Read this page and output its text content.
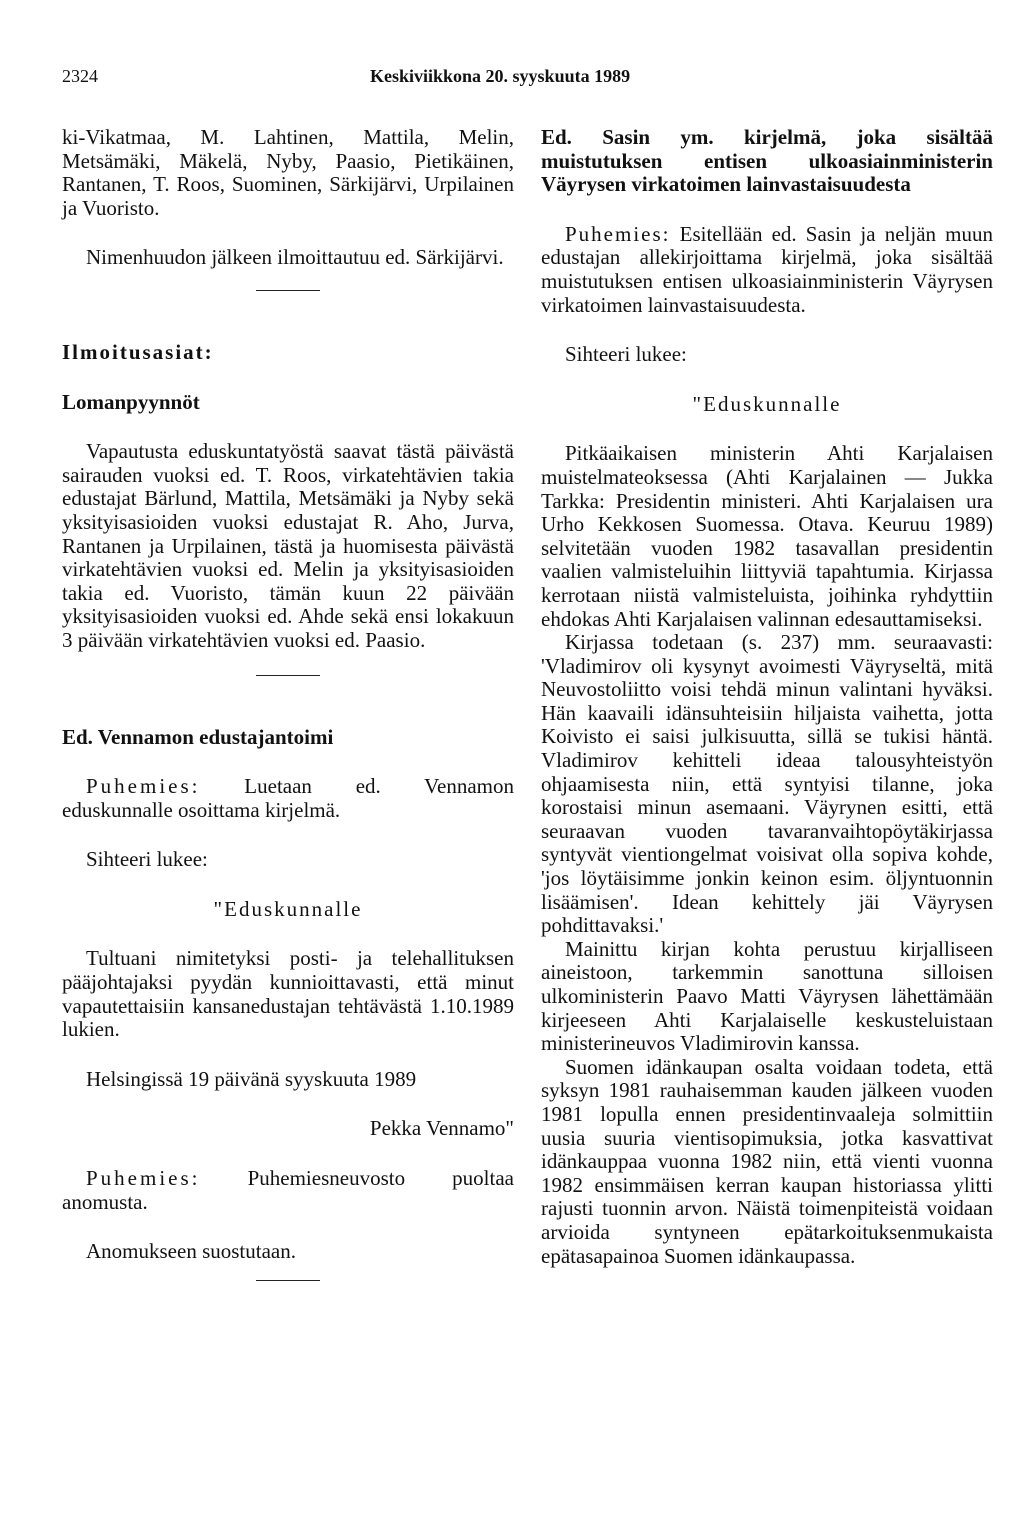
2324	Keskiviikkona 20. syyskuuta 1989

ki-Vikatmaa, M. Lahtinen, Mattila, Melin, Metsämäki, Mäkelä, Nyby, Paasio, Pietikäinen, Rantanen, T. Roos, Suominen, Särkijärvi, Urpilainen ja Vuoristo.

Nimenhuudon jälkeen ilmoittautuu ed. Särkijärvi.

Ilmoitusasiat:

Lomanpyynnöt

Vapautusta eduskuntatyöstä saavat tästä päivästä sairauden vuoksi ed. T. Roos, virkatehtävien takia edustajat Bärlund, Mattila, Metsämäki ja Nyby sekä yksityisasioiden vuoksi edustajat R. Aho, Jurva, Rantanen ja Urpilainen, tästä ja huomisesta päivästä virkatehtävien vuoksi ed. Melin ja yksityisasioiden takia ed. Vuoristo, tämän kuun 22 päivään yksityisasioiden vuoksi ed. Ahde sekä ensi lokakuun 3 päivään virkatehtävien vuoksi ed. Paasio.

Ed. Vennamon edustajantoimi

Puhemies: Luetaan ed. Vennamon eduskunnalle osoittama kirjelmä.

Sihteeri lukee:

"Eduskunnalle

Tultuani nimitetyksi posti- ja telehallituksen pääjohtajaksi pyydän kunnioittavasti, että minut vapautettaisiin kansanedustajan tehtävästä 1.10.1989 lukien.

Helsingissä 19 päivänä syyskuuta 1989

Pekka Vennamo"

Puhemies: Puhemiesneuvosto puoltaa anomusta.

Anomukseen suostutaan.

Ed. Sasin ym. kirjelmä, joka sisältää muistutuksen entisen ulkoasiainministerin Väyrysen virkatoimen lainvastaisuudesta

Puhemies: Esitellään ed. Sasin ja neljän muun edustajan allekirjoittama kirjelmä, joka sisältää muistutuksen entisen ulkoasiainministerin Väyrysen virkatoimen lainvastaisuudesta.

Sihteeri lukee:

"Eduskunnalle

Pitkäaikaisen ministerin Ahti Karjalaisen muistelmateoksessa (Ahti Karjalainen — Jukka Tarkka: Presidentin ministeri. Ahti Karjalaisen ura Urho Kekkosen Suomessa. Otava. Keuruu 1989) selvitetään vuoden 1982 tasavallan presidentin vaalien valmisteluihin liittyviä tapahtumia. Kirjassa kerrotaan niistä valmisteluista, joihinka ryhdyttiin ehdokas Ahti Karjalaisen valinnan edesauttamiseksi.

Kirjassa todetaan (s. 237) mm. seuraavasti: 'Vladimirov oli kysynyt avoimesti Väyryseltä, mitä Neuvostoliitto voisi tehdä minun valintani hyväksi. Hän kaavaili idänsuhteisiin hiljaista vaihetta, jotta Koivisto ei saisi julkisuutta, sillä se tukisi häntä. Vladimirov kehitteli ideaa talousyhteistyön ohjaamisesta niin, että syntyisi tilanne, joka korostaisi minun asemaani. Väyrynen esitti, että seuraavan vuoden tavaranvaihtopöytäkirjassa syntyvät vientiongelmat voisivat olla sopiva kohde, 'jos löytäisimme jonkin keinon esim. öljyntuonnin lisäämisen'. Idean kehittely jäi Väyrysen pohdittavaksi.'

Mainittu kirjan kohta perustuu kirjalliseen aineistoon, tarkemmin sanottuna silloisen ulkoministerin Paavo Matti Väyrysen lähettämään kirjeeseen Ahti Karjalaiselle keskusteluistaan ministerineuvos Vladimirovin kanssa.

Suomen idänkaupan osalta voidaan todeta, että syksyn 1981 rauhaisemman kauden jälkeen vuoden 1981 lopulla ennen presidentinvaaleja solmittiin uusia suuria vientisopimuksia, jotka kasvattivat idänkauppaa vuonna 1982 niin, että vienti vuonna 1982 ensimmäisen kerran kaupan historiassa ylitti rajusti tuonnin arvon. Näistä toimenpiteistä voidaan arvioida syntyneen epätarkoituksenmukaista epätasapainoa Suomen idänkaupassa.
